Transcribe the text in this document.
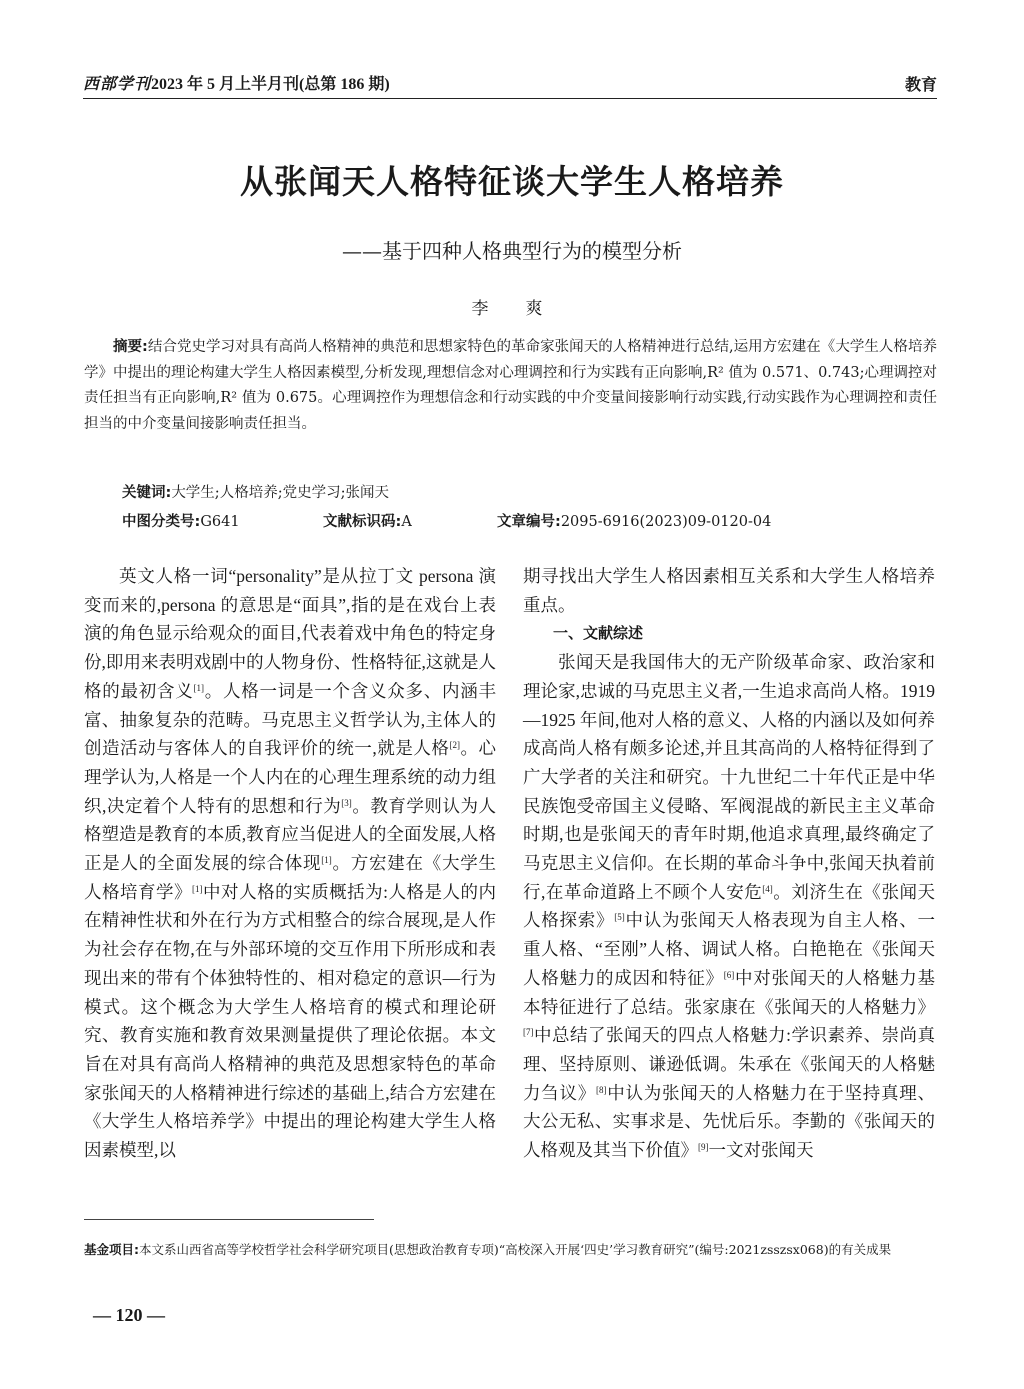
西部学刊2023 年 5 月上半月刊(总第 186 期)	教育
从张闻天人格特征谈大学生人格培养
——基于四种人格典型行为的模型分析
李　爽
摘要:结合党史学习对具有高尚人格精神的典范和思想家特色的革命家张闻天的人格精神进行总结,运用方宏建在《大学生人格培养学》中提出的理论构建大学生人格因素模型,分析发现,理想信念对心理调控和行为实践有正向影响,R² 值为 0.571、0.743;心理调控对责任担当有正向影响,R² 值为 0.675。心理调控作为理想信念和行动实践的中介变量间接影响行动实践,行动实践作为心理调控和责任担当的中介变量间接影响责任担当。
关键词:大学生;人格培养;党史学习;张闻天
中图分类号:G641	文献标识码:A	文章编号:2095-6916(2023)09-0120-04

英文人格一词“personality”是从拉丁文 persona 演变而来的,persona 的意思是“面具”,指的是在戏台上表演的角色显示给观众的面目,代表着戏中角色的特定身份,即用来表明戏剧中的人物身份、性格特征,这就是人格的最初含义[1]。人格一词是一个含义众多、内涵丰富、抽象复杂的范畴。马克思主义哲学认为,主体人的创造活动与客体人的自我评价的统一,就是人格[2]。心理学认为,人格是一个人内在的心理生理系统的动力组织,决定着个人特有的思想和行为[3]。教育学则认为人格塑造是教育的本质,教育应当促进人的全面发展,人格正是人的全面发展的综合体现[1]。方宏建在《大学生人格培育学》[1]中对人格的实质概括为:人格是人的内在精神性状和外在行为方式相整合的综合展现,是人作为社会存在物,在与外部环境的交互作用下所形成和表现出来的带有个体独特性的、相对稳定的意识—行为模式。这个概念为大学生人格培育的模式和理论研究、教育实施和教育效果测量提供了理论依据。本文旨在对具有高尚人格精神的典范及思想家特色的革命家张闻天的人格精神进行综述的基础上,结合方宏建在《大学生人格培养学》中提出的理论构建大学生人格因素模型,以

期寻找出大学生人格因素相互关系和大学生人格培养重点。

一、文献综述

张闻天是我国伟大的无产阶级革命家、政治家和理论家,忠诚的马克思主义者,一生追求高尚人格。1919—1925 年间,他对人格的意义、人格的内涵以及如何养成高尚人格有颇多论述,并且其高尚的人格特征得到了广大学者的关注和研究。十九世纪二十年代正是中华民族饱受帝国主义侵略、军阀混战的新民主主义革命时期,也是张闻天的青年时期,他追求真理,最终确定了马克思主义信仰。在长期的革命斗争中,张闻天执着前行,在革命道路上不顾个人安危[4]。刘济生在《张闻天人格探索》[5]中认为张闻天人格表现为自主人格、一重人格、“至刚”人格、调试人格。白艳艳在《张闻天人格魅力的成因和特征》[6]中对张闻天的人格魅力基本特征进行了总结。张家康在《张闻天的人格魅力》[7]中总结了张闻天的四点人格魅力:学识素养、崇尚真理、坚持原则、谦逊低调。朱承在《张闻天的人格魅力刍议》[8]中认为张闻天的人格魅力在于坚持真理、大公无私、实事求是、先忧后乐。李勤的《张闻天的人格观及其当下价值》[9]一文对张闻天

基金项目:本文系山西省高等学校哲学社会科学研究项目(思想政治教育专项)“高校深入开展‘四史’学习教育研究”(编号:2021zsszsx068)的有关成果
— 120 —
